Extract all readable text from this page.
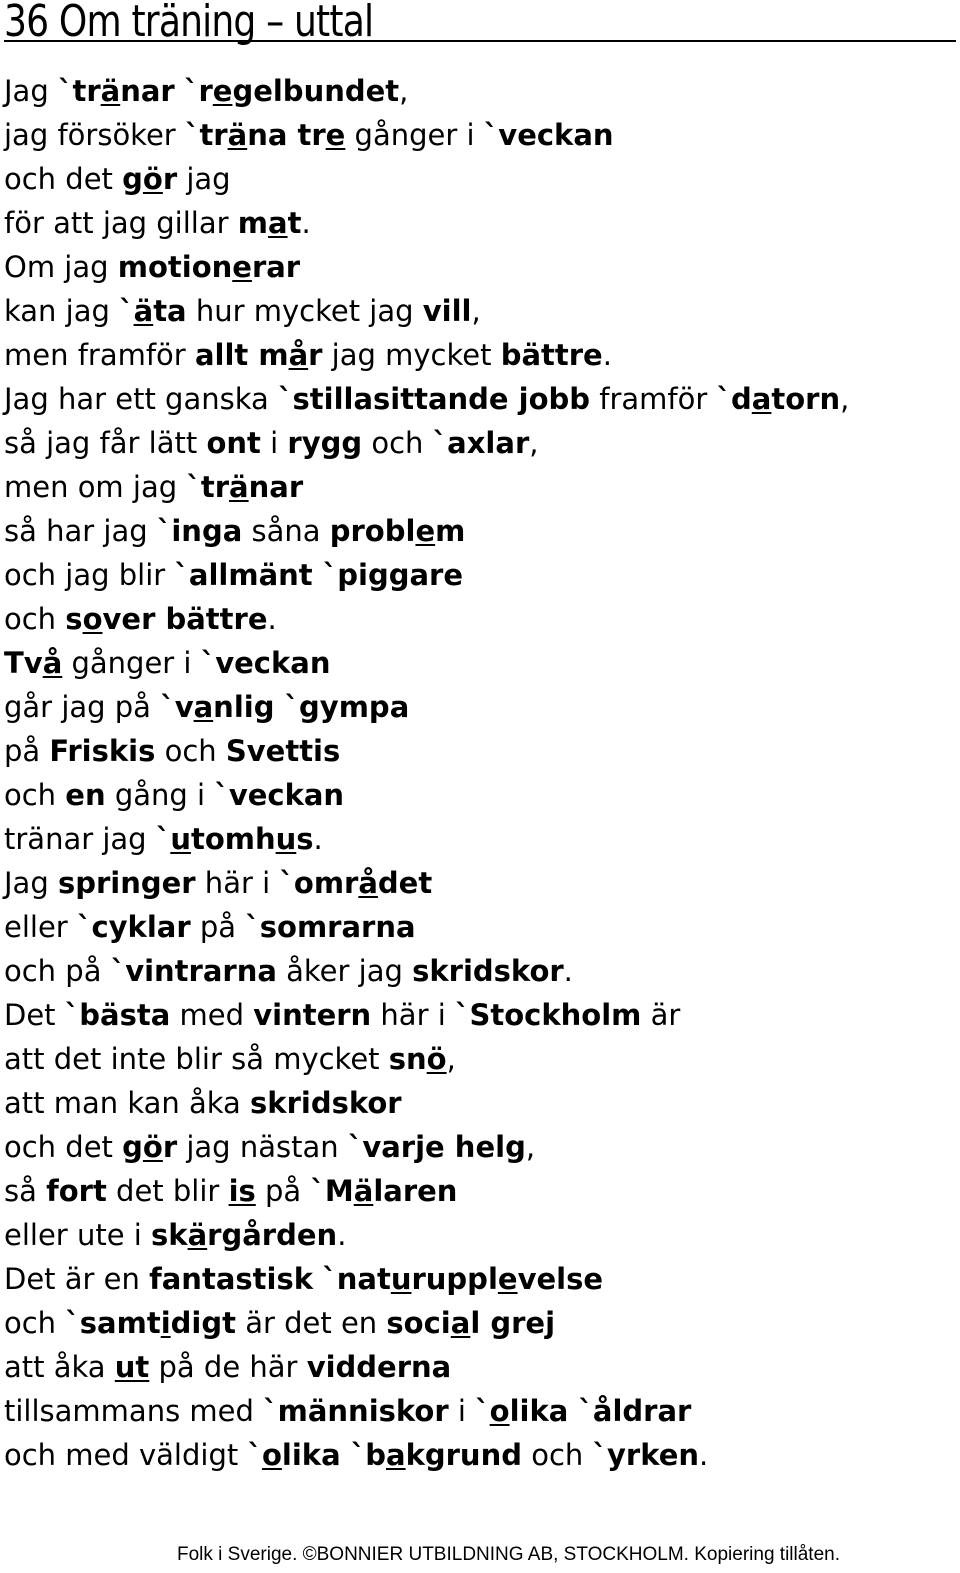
36 Om träning – uttal
Jag `tränar `regelbundet,
jag försöker `träna tre gånger i `veckan
och det gör jag
för att jag gillar mat.
Om jag motionerar
kan jag `äta hur mycket jag vill,
men framför allt mår jag mycket bättre.
Jag har ett ganska `stillasittande jobb framför `datorn,
så jag får lätt ont i rygg och `axlar,
men om jag `tränar
så har jag `inga såna problem
och jag blir `allmänt `piggare
och sover bättre.
Två gånger i `veckan
går jag på `vanlig `gympa
på Friskis och Svettis
och en gång i `veckan
tränar jag `utomhus.
Jag springer här i `området
eller `cyklar på `somrarna
och på `vintrarna åker jag skridskor.
Det `bästa med vintern här i `Stockholm är
att det inte blir så mycket snö,
att man kan åka skridskor
och det gör jag nästan `varje helg,
så fort det blir is på `Mälaren
eller ute i skärgården.
Det är en fantastisk `naturupplevelse
och `samtidigt är det en social grej
att åka ut på de här vidderna
tillsammans med `människor i `olika `åldrar
och med väldigt `olika `bakgrund och `yrken.
Folk i Sverige. ©BONNIER UTBILDNING AB, STOCKHOLM. Kopiering tillåten.
